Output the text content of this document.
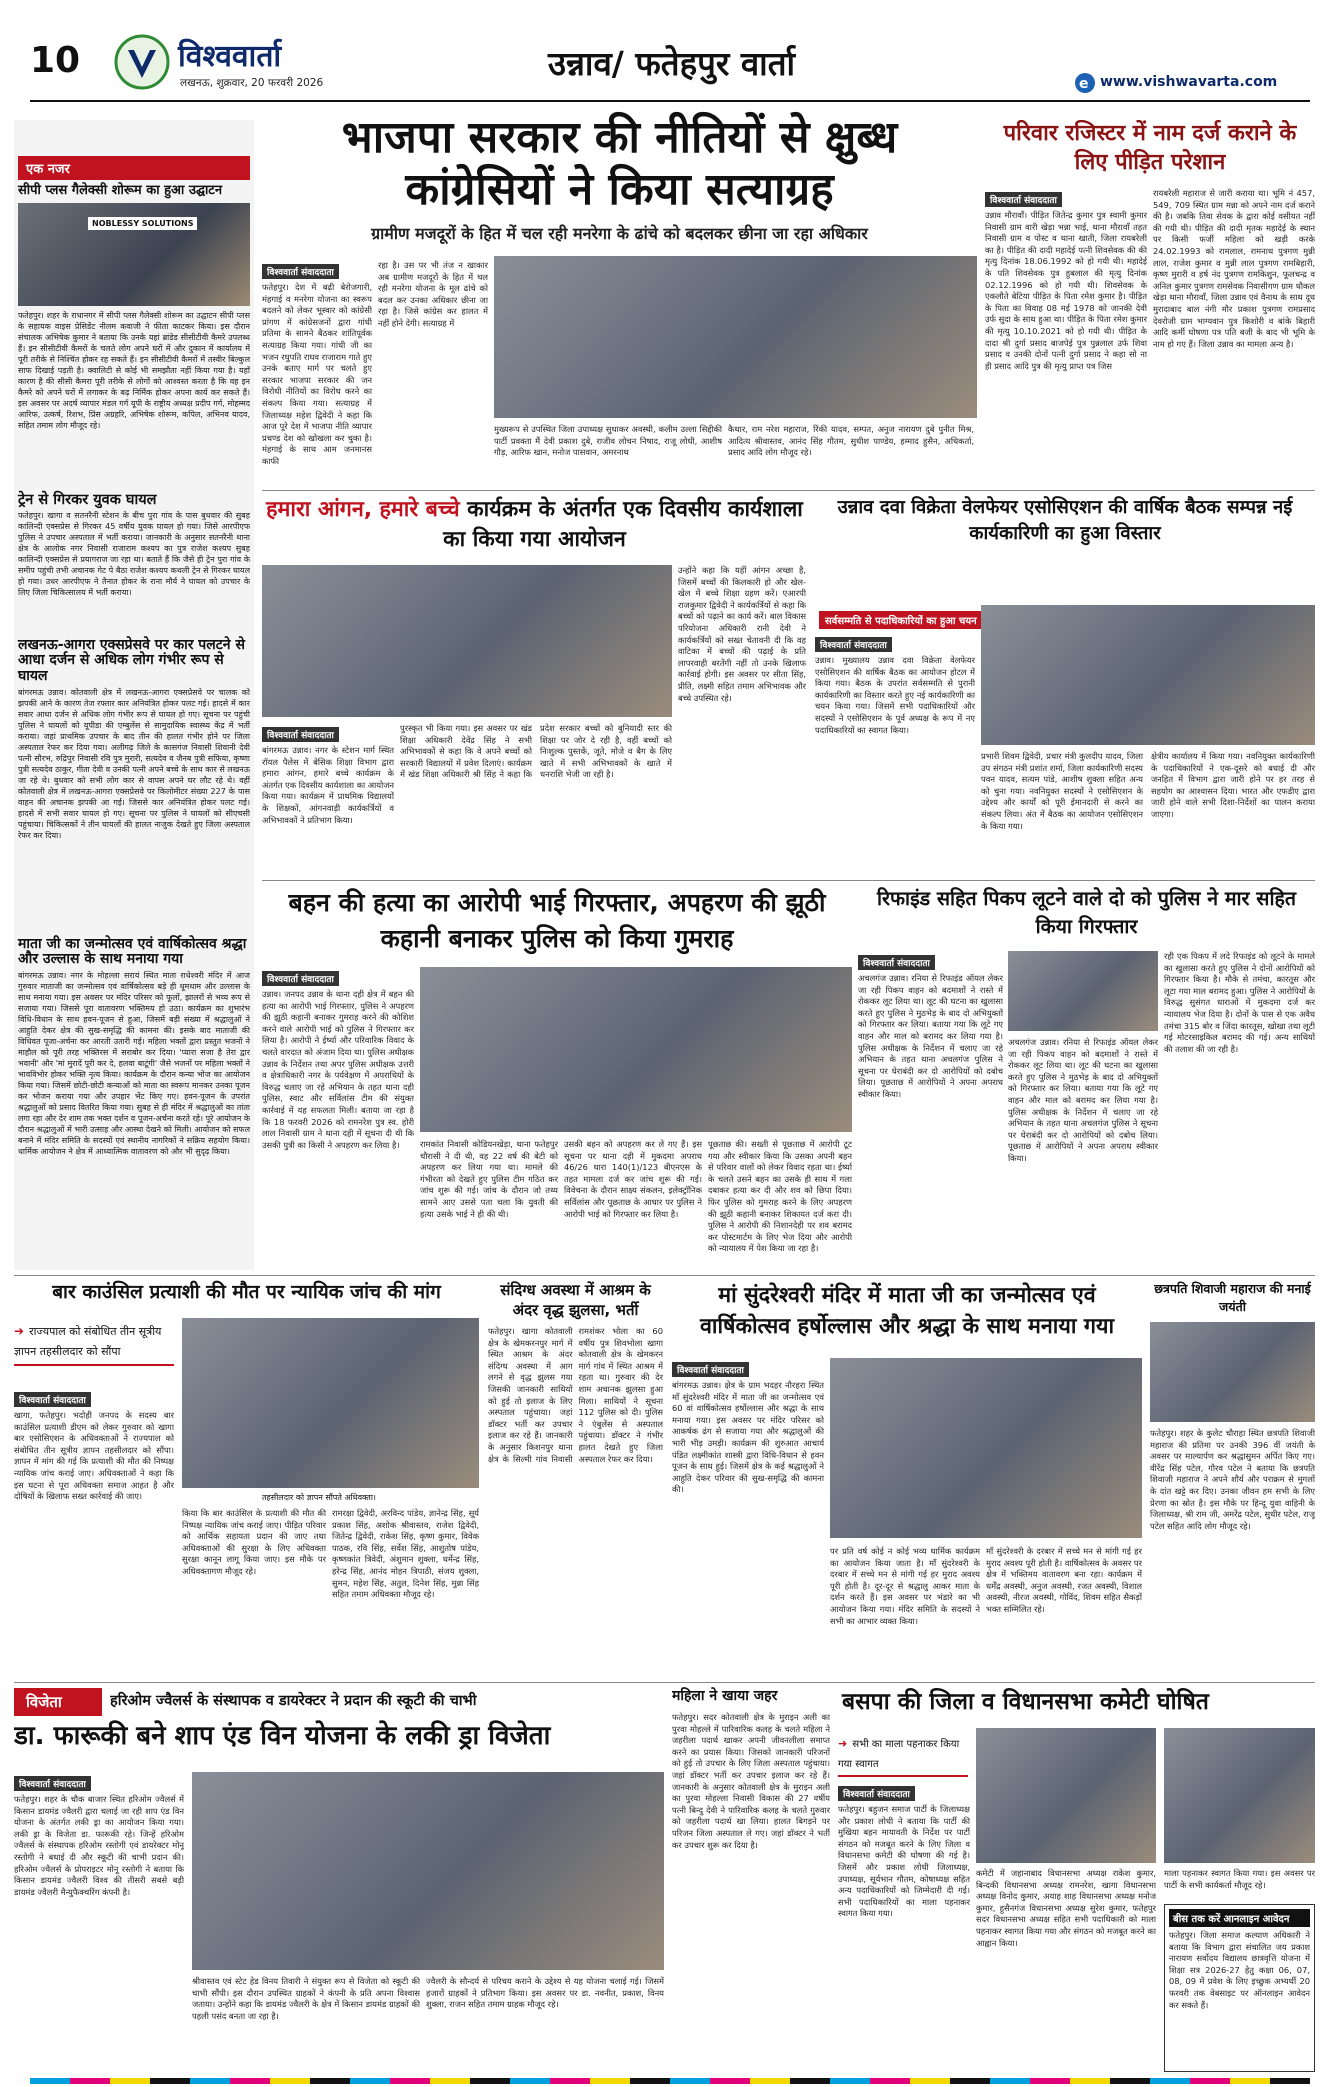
10	विश्ववार्ता
लखनऊ, शुक्रवार, 20 फरवरी 2026	उन्नाव/ फतेहपुर वार्ता
e www.vishwavarta.com
एक नजर
सीपी प्लस गैलेक्सी शोरूम का हुआ उद्घाटन
NOBLESSY SOLUTIONS
फतेहपुर। शहर के राधानगर में सीपी प्लस गैलेक्सी शोरूम का उद्घाटन सीपी प्लस के सहायक वाइस प्रेसिडेंट नीलम कवाजी ने फीता काटकर किया। इस दौरान संचालक अभिषेक कुमार ने बताया कि उनके यहां ब्रांडेड सीसीटीवी कैमरे उपलब्ध हैं। इन सीसीटीवी कैमरों के चलते लोग अपने घरों में और दुकान में कार्यालय में पूरी तरीके से निश्चिंत होकर रह सकते हैं। इन सीसीटीवी कैमरों में तस्वीर बिल्कुल साफ दिखाई पड़ती है। क्वालिटी से कोई भी समझौता नहीं किया गया है। यहाँ कारण है की सीसी कैमरा पूरी तरीके से लोगों को आश्वस्त करता है कि वह इन कैमरे को अपने घरों में लगाकर के बढ़ निर्मिक होकर अपना कार्य कर सकते हैं। इस अवसर पर अदर्ष व्यापार मंडल गर्ग यूपी के राष्ट्रीय अध्यक्ष प्रदीप गर्ग, मोहम्मद आरिफ, उत्कर्ष, रिशभ, प्रिंस अग्रहरि, अभिषेक शोरूम, कपिल, अभिनव यादव, सहित तमाम लोग मौजूद रहे।
ट्रेन से गिरकर युवक घायल
फतेहपुर। खागा व सतनरैनी स्टेशन के बीच पुरा गांव के पास बुधवार की सुबह कालिन्दी एक्सप्रेस से गिरकर 45 वर्षीय युवक घायल हो गया। जिसे आरपीएफ पुलिस ने उपचार अस्पताल में भर्ती कराया। जानकारी के अनुसार सतनरैनी थाना क्षेत्र के आलोक नगर निवासी राजाराम कश्यप का पुत्र राजेश कश्यप सुबह कालिन्दी एक्सप्रेस से प्रयागराज जा रहा था। बताते हैं कि जैसे ही ट्रेन पुरा गांव के समीप पहुंची तभी अचानक गेट पे बैठा राजेश कश्यप कथली ट्रेन से गिरकर घायल हो गया। उधर आरपीएफ ने तैनात होकर के राना मौर्य ने घायल को उपचार के लिए जिला चिकित्सालय में भर्ती कराया।
लखनऊ-आगरा एक्सप्रेसवे पर कार पलटने से आधा दर्जन से अधिक लोग गंभीर रूप से घायल
बांगरमऊ उन्नाव। कोतवाली क्षेत्र में लखनऊ-आगरा एक्सप्रेसवे पर चालक को झपकी आने के कारण तेज रफ्तार कार अनियंत्रित होकर पलट गई। हादसे में कार सवार आधा दर्जन से अधिक लोग गंभीर रूप से घायल हो गए। सूचना पर पहुंची पुलिस ने घायलों को यूपीडा की एम्बुलेंस से सामुदायिक स्वास्थ्य केंद्र में भर्ती कराया। जहां प्राथमिक उपचार के बाद तीन की हालत गंभीर होने पर जिला अस्पताल रेफर कर दिया गया। अलीगढ़ जिले के कासगंज निवासी शिवानी देवी पत्नी सौरभ, रुद्रिपुर निवासी रवि पुत्र मुरारी, सत्यदेव व जैनब पुत्री सफिया, कृष्णा पुत्री सत्यदेव ठाकुर, गीता देवी व उनकी पत्नी अपने बच्चे के साथ कार से लखनऊ जा रहे थे। बुधवार को सभी लोग कार से वापस अपने घर लौट रहे थे। वहीं कोतवाली क्षेत्र में लखनऊ-आगरा एक्सप्रेसवे पर किलोमीटर संख्या 227 के पास वाहन की अचानक झपकी आ गई। जिससे कार अनियंत्रित होकर पलट गई। हादसे में सभी सवार घायल हो गए। सूचना पर पुलिस ने घायलों को सीएचसी पहुंचाया। चिकित्सकों ने तीन घायलों की हालत नाजुक देखते हुए जिला अस्पताल रेफर कर दिया।
माता जी का जन्मोत्सव एवं वार्षिकोत्सव श्रद्धा और उल्लास के साथ मनाया गया
बांगरमऊ उन्नाव। नगर के मोहल्ला सरायं स्थित माता राधेश्वरी मंदिर में आज गुरुवार माताजी का जन्मोत्सव एवं वार्षिकोत्सव बड़े ही धूमधाम और उल्लास के साथ मनाया गया। इस अवसर पर मंदिर परिसर को फूलों, झालरों से भव्य रूप से सजाया गया। जिससे पूरा वातावरण भक्तिमय हो उठा। कार्यक्रम का शुभारंभ विधि-विधान के साथ हवन-पूजन से हुआ, जिसमें बड़ी संख्या में श्रद्धालुओं ने आहुति देकर क्षेत्र की सुख-समृद्धि की कामना की। इसके बाद माताजी की विधिवत पूजा-अर्चना कर आरती उतारी गई। महिला भक्तों द्वारा प्रस्तुत भजनों ने माहौल को पूरी तरह भक्तिरस में सराबोर कर दिया। 'प्यारा सजा है तेरा द्वार भवानी' और 'मां मुरादें पूरी कर दे, हलवा बाटूंगी' जैसे भजनों पर महिला भक्तों ने भावविभोर होकर भक्ति नृत्य किया। कार्यक्रम के दौरान कन्या भोज का आयोजन किया गया। जिसमें छोटी-छोटी कन्याओं को माता का स्वरूप मानकर उनका पूजन कर भोजन कराया गया और उपहार भेंट किए गए। हवन-पूजन के उपरांत श्रद्धालुओं को प्रसाद वितरित किया गया। सुबह से ही मंदिर में श्रद्धालुओं का तांता लगा रहा और देर शाम तक भक्त दर्शन व पूजन-अर्चना करते रहे। पूरे आयोजन के दौरान श्रद्धालुओं में भारी उत्साह और आस्था देखने को मिली। आयोजन को सफल बनाने में मंदिर समिति के सदस्यों एवं स्थानीय नागरिकों ने सक्रिय सहयोग किया। धार्मिक आयोजन ने क्षेत्र में आध्यात्मिक वातावरण को और भी सुदृढ़ किया।
भाजपा सरकार की नीतियों से क्षुब्ध कांग्रेसियों ने किया सत्याग्रह
ग्रामीण मजदूरों के हित में चल रही मनरेगा के ढांचे को बदलकर छीना जा रहा अधिकार
विश्ववार्ता संवाददाता
फतेहपुर। देश में बढ़ी बेरोजगारी, मंहगाई व मनरेगा योजना का स्वरूप बदलने को लेकर भूस्वार को कांग्रेसी प्रांगण में कांग्रेसजनों द्वारा गांधी प्रतिमा के सामने बैठकर शांतिपूर्वक सत्याग्रह किया गया। गांधी जी का भजन रघुपति राघव राजाराम गाते हुए उनके बताए मार्ग पर चलते हुए सरकार भाजपा सरकार की जन विरोधी नीतियों का विरोध करने का संकल्प किया गया। सत्याग्रह में जिलाध्यक्ष महेश द्विवेदी ने कहा कि आज पूरे देश में भाजपा नीति व्यापार प्रचण्ड देश को खोखला कर चुका है। मंहगाई के साथ आम जनमानस काफी
रहा है। उस पर भी तंज न खाकार अब ग्रामीण मजदूरों के हित में चल रही मनरेगा योजना के मूल ढांचे को बदल कर उनका अधिकार छीना जा रहा है। जिसे कांग्रेस कर हालत में नहीं होने देगी। सत्याग्रह में
मुख्यरूप से उपस्थित जिला उपाध्यक्ष सुधाकर अवस्थी, कलीम उल्ला सिद्दीकी पार्टी प्रवक्ता मैं देवी प्रकाश दुबे, राजीव लोचन निषाद, राजू लोधी, आशीष गौड़, आरिफ खान, मनोज पासवान, अमरनाथ
कैथार, राम नरेश महाराज, रिंकी यादव, सम्पत, अनुज नारायण दुबे पुनीत मिश्र, आदित्य श्रीवास्तव, आनंद सिंह गौतम, सुधीश पाण्डेय, हम्माद हुसैन, अधिकर्ता, प्रसाद आदि लोग मौजूद रहे।
परिवार रजिस्टर में नाम दर्ज कराने के लिए पीड़ित परेशान
विश्ववार्ता संवाददाता
उन्नाव मौरावाँ। पीड़ित जितेन्द्र कुमार पुत्र स्वामी कुमार निवासी ग्राम वारी खेड़ा भन्ना भाई, थाना मौरावाँ तहत निवासी ग्राम व पोस्ट व थाना खाती, जिला रायबरेली का है। पीड़ित की दादी महादेई पत्नी शिवसेवक की की मृत्यु दिनांक 18.06.1992 को हो गयी थी। महादेई के पति शिवसेवक पुत्र हुबलाल की मृत्यु दिनांक 02.12.1996 को हो गयी थी। शिवसेवक के एकलौते बेटिया पीड़ित के पिता रमेश कुमार है। पीड़ित के पिता का विवाह 08 मई 1978 को जानकी देवी उर्फ सुदा के साथ हुआ था। पीड़ित के पिता रमेश कुमार की मृत्यु 10.10.2021 को हो गयी थी। पीड़ित के दादा श्री दुर्गा प्रसाद बाजपेई पुत्र पुन्नलाल उर्फ शिवा प्रसाद व उनकी दोनों पत्नी दुर्गा प्रसाद ने कहा सो ना ही प्रसाद आदि पुत्र की मृत्यु प्राप्त पत्र जिस
रायबरेली महाराज से जारी कराया था। भूमि नं 457, 549, 709 स्थित ग्राम मन्ना को अपने नाम दर्ज कराने की है। जबकि तिवा सेवक के द्वारा कोई वसीयत नहीं की गयी थी। पीड़ित की दादी मृतक महादेई के स्थान पर किसी फर्जी महिला को खड़ी करके 24.02.1993 को रामलाल, रामनाथ पुत्रगण मुन्नी लाल, राजेश कुमार व मुन्नी लाल पुत्रगण रामबिहारी, कृष्ण मुरारी व हर्ष नंद पुत्रगण रामकिशुन, फूलचन्द्र व अनिल कुमार पुत्रगण रामसेवक निवासीगण ग्राम धौकल खेड़ा थाना मौरावाँ, जिला उन्नाव एवं वैनाथ के साथ दूध मुरादाबाद बाल नंगी मौर प्रकाश पुत्रगण रामप्रसाद देवरोजी ग्राम भाग्यवान पुत्र किशोरी व बांके बिहारी आदि कर्मी घोषणा पत्र पति बजी के बाद भी भूमि के नाम हो गए हैं। जिला उन्नाव का मामला अन्य है।
हमारा आंगन, हमारे बच्चे कार्यक्रम के अंतर्गत एक दिवसीय कार्यशाला का किया गया आयोजन
विश्ववार्ता संवाददाता
बांगरमऊ उन्नाव। नगर के स्टेशन मार्ग स्थित रॉयल पैलेस में बेसिक शिक्षा विभाग द्वारा हमारा आंगन, हमारे बच्चे कार्यक्रम के अंतर्गत एक दिवसीय कार्यशाला का आयोजन किया गया। कार्यक्रम में प्राथमिक विद्यालयों के शिक्षकों, आंगनवाड़ी कार्यकर्त्रियों व अभिभावकों ने प्रतिभाग किया।
पुरस्कृत भी किया गया। इस अवसर पर खंड शिक्षा अधिकारी देवेंद्र सिंह ने सभी अभिभावकों से कहा कि वे अपने बच्चों को सरकारी विद्यालयों में प्रवेश दिलाएं। कार्यक्रम में खंड शिक्षा अधिकारी श्री सिंह ने कहा कि प्रदेश सरकार बच्चों को बुनियादी स्तर की शिक्षा पर जोर दे रही है, वहीं बच्चों को निःशुल्क पुस्तकें, जूते, मोजे व बैग के लिए खाते में सभी अभिभावकों के खाते में धनराशि भेजी जा रही है।
उन्होंने कहा कि यहीं आंगन अच्छा है, जिसमें बच्चों की किलकारी हो और खेल-खेल में बच्चे शिक्षा ग्रहण करें। एआरपी राजकुमार द्विवेदी ने कार्यकर्त्रियों से कहा कि बच्चों को पढ़ाने का कार्य करें। बाल विकास परियोजना अधिकारी रानी देवी ने कार्यकर्त्रियों को सख्त चेतावनी दी कि वह वाटिका में बच्चों की पढ़ाई के प्रति लापरवाही बरतेंगी नहीं तो उनके खिलाफ कार्रवाई होगी। इस अवसर पर सीता सिंह, प्रीति, लक्ष्मी सहित तमाम अभिभावक और बच्चे उपस्थित रहे।
उन्नाव दवा विक्रेता वेलफेयर एसोसिएशन की वार्षिक बैठक सम्पन्न नई कार्यकारिणी का हुआ विस्तार
सर्वसम्मति से पदाधिकारियों का हुआ चयन
विश्ववार्ता संवाददाता
उन्नाव। मुख्यालय उन्नाव दवा विक्रेता वेलफेयर एसोसिएशन की वार्षिक बैठक का आयोजन होटल में किया गया। बैठक के उपरांत सर्वसम्मति से पुरानी कार्यकारिणी का विस्तार करते हुए नई कार्यकारिणी का चयन किया गया। जिसमें सभी पदाधिकारियों और सदस्यों ने एसोसिएशन के पूर्व अध्यक्ष के रूप में नए पदाधिकारियों का स्वागत किया।
प्रभारी शिवम द्विवेदी, प्रचार मंत्री कुलदीप यादव, जिला उप संगठन मंत्री प्रशांत शर्मा, जिला कार्यकारिणी सदस्य पवन यादव, सत्यम पांडे, आशीष शुक्ला सहित अन्य को चुना गया। नवनियुक्त सदस्यों ने एसोसिएशन के उद्देश्य और कार्यों को पूरी ईमानदारी से करने का संकल्प लिया। अंत में बैठक का आयोजन एसोसिएशन के किया गया।
क्षेत्रीय कार्यालय में किया गया। नवनियुक्त कार्यकारिणी के पदाधिकारियों ने एक-दूसरे को बधाई दी और जनहित में विभाग द्वारा जारी होने पर हर तरह से सहयोग का आश्वासन दिया। भारत और एफडीए द्वारा जारी होने वाले सभी दिशा-निर्देशों का पालन कराया जाएगा।
बहन की हत्या का आरोपी भाई गिरफ्तार, अपहरण की झूठी कहानी बनाकर पुलिस को किया गुमराह
विश्ववार्ता संवाददाता
उन्नाव। जनपद उन्नाव के थाना दही क्षेत्र में बहन की हत्या का आरोपी भाई गिरफ्तार, पुलिस ने अपहरण की झूठी कहानी बनाकर गुमराह करने की कोशिश करने वाले आरोपी भाई को पुलिस ने गिरफ्तार कर लिया है। आरोपी ने ईर्ष्या और परिवारिक विवाद के चलते वारदात को अंजाम दिया था। पुलिस अधीक्षक उन्नाव के निर्देशन तथा अपर पुलिस अधीक्षक उत्तरी व क्षेत्राधिकारी नगर के पर्यवेक्षण में अपराधियों के विरुद्ध चलाए जा रहे अभियान के तहत थाना दही पुलिस, स्वाट और सर्विलांस टीम की संयुक्त कार्रवाई में यह सफलता मिली। बताया जा रहा है कि 18 फरवरी 2026 को रामनरेश पुत्र स्व. होरी लाल निवासी ग्राम ने थाना दही में सूचना दी थी कि उसकी पुत्री का किसी ने अपहरण कर लिया है।	रामकांत निवासी कोडियनखेड़ा, थाना फतेहपुर चौरासी ने दी थी, वह 22 वर्ष की बेटी को अपहरण कर लिया गया था। मामले की गंभीरता को देखते हुए पुलिस टीम गठित कर जांच शुरू की गई। जांच के दौरान जो तथ्य सामने आए उससे पता चला कि युवती की हत्या उसके भाई ने ही की थी।
उसकी बहन को अपहरण कर ले गए हैं। इस सूचना पर थाना दही में मुकदमा अपराध 46/26 धारा 140(1)/123 बीएनएस के तहत मामला दर्ज कर जांच शुरू की गई। विवेचना के दौरान साक्ष्य संकलन, इलेक्ट्रॉनिक सर्विलांस और पूछताछ के आधार पर पुलिस ने आरोपी भाई को गिरफ्तार कर लिया है।
पूछताछ की। सख्ती से पूछताछ में आरोपी टूट गया और स्वीकार किया कि उसका अपनी बहन से परिवार वालों को लेकर विवाद रहता था। ईर्ष्या के चलते उसने बहन का उसके ही साथ में गला दबाकर हत्या कर दी और शव को छिपा दिया। फिर पुलिस को गुमराह करने के लिए अपहरण की झूठी कहानी बनाकर शिकायत दर्ज करा दी। पुलिस ने आरोपी की निशानदेही पर शव बरामद कर पोस्टमार्टम के लिए भेज दिया और आरोपी को न्यायालय में पेश किया जा रहा है।
रिफाइंड सहित पिकप लूटने वाले दो को पुलिस ने मार सहित किया गिरफ्तार
विश्ववार्ता संवाददाता
अचलगंज उन्नाव। रनिया से रिफाइंड ऑयल लेकर जा रही पिकप वाहन को बदमाशों ने रास्ते में रोककर लूट लिया था। लूट की घटना का खुलासा करते हुए पुलिस ने मुठभेड़ के बाद दो अभियुक्तों को गिरफ्तार कर लिया। बताया गया कि लूटे गए वाहन और माल को बरामद कर लिया गया है। पुलिस अधीक्षक के निर्देशन में चलाए जा रहे अभियान के तहत थाना अचलगंज पुलिस ने सूचना पर घेराबंदी कर दो आरोपियों को दबोच लिया। पूछताछ में आरोपियों ने अपना अपराध स्वीकार किया।
रही एक पिकप में लदे रिफाइंड को लूटने के मामले का खुलासा करते हुए पुलिस ने दोनों आरोपियों को गिरफ्तार किया है। मौके से तमंचा, कारतूस और लूटा गया माल बरामद हुआ। पुलिस ने आरोपियों के विरुद्ध सुसंगत धाराओं में मुकदमा दर्ज कर न्यायालय भेज दिया है। दोनों के पास से एक अवैध तमंचा 315 बोर व जिंदा कारतूस, खोखा तथा लूटी गई मोटरसाइकिल बरामद की गई। अन्य साथियों की तलाश की जा रही है।
अचलगंज उन्नाव। रनिया से रिफाइंड ऑयल लेकर जा रही पिकप वाहन को बदमाशों ने रास्ते में रोककर लूट लिया था। लूट की घटना का खुलासा करते हुए पुलिस ने मुठभेड़ के बाद दो अभियुक्तों को गिरफ्तार कर लिया। बताया गया कि लूटे गए वाहन और माल को बरामद कर लिया गया है। पुलिस अधीक्षक के निर्देशन में चलाए जा रहे अभियान के तहत थाना अचलगंज पुलिस ने सूचना पर घेराबंदी कर दो आरोपियों को दबोच लिया। पूछताछ में आरोपियों ने अपना अपराध स्वीकार किया।
बार काउंसिल प्रत्याशी की मौत पर न्यायिक जांच की मांग
➜ राज्यपाल को संबोधित तीन सूत्रीय ज्ञापन तहसीलदार को सौंपा
तहसीलदार को ज्ञापन सौंपते अधिवक्ता।
विश्ववार्ता संवाददाता
खागा, फतेहपुर। भदोही जनपद के सदस्य बार काउंसिल प्रत्याशी डीएम को लेकर गुरुवार को खागा बार एसोसिएशन के अधिवक्ताओं ने राज्यपाल को संबोधित तीन सूत्रीय ज्ञापन तहसीलदार को सौंपा। ज्ञापन में मांग की गई कि प्रत्याशी की मौत की निष्पक्ष न्यायिक जांच कराई जाए। अधिवक्ताओं ने कहा कि इस घटना से पूरा अधिवक्ता समाज आहत है और दोषियों के खिलाफ सख्त कार्रवाई की जाए।
किया कि बार काउंसिल के प्रत्याशी की मौत की निष्पक्ष न्यायिक जांच कराई जाए। पीड़ित परिवार को आर्थिक सहायता प्रदान की जाए तथा अधिवक्ताओं की सुरक्षा के लिए अधिवक्ता सुरक्षा कानून लागू किया जाए। इस मौके पर अधिवक्तागण मौजूद रहे।
रामरक्षा द्विवेदी, अरविन्द पांडेय, ज्ञानेन्द्र सिंह, सूर्य प्रकाश सिंह, अशोक श्रीवास्तव, राजेश द्विवेदी, जितेन्द्र द्विवेदी, राकेश सिंह, कृष्ण कुमार, विवेक पाठक, रवि सिंह, सर्वेश सिंह, आशुतोष पांडेय, कृष्णकांत त्रिवेदी, अंशुमान शुक्ला, धर्मेन्द्र सिंह, हरेन्द्र सिंह, आनंद मोहन त्रिपाठी, संजय शुक्ला, सुमन, महेश सिंह, अतुल, दिनेश सिंह, मुन्ना सिंह सहित तमाम अधिवक्ता मौजूद रहे।
संदिग्ध अवस्था में आश्रम के अंदर वृद्ध झुलसा, भर्ती
फतेहपुर। खागा कोतवाली क्षेत्र के खेमकरनपुर मार्ग में स्थित आश्रम के अंदर संदिग्ध अवस्था में आग लगने से वृद्ध झुलस गया जिसकी जानकारी साथियों को हुई तो इलाज के लिए अस्पताल पहुंचाया। जहां डॉक्टर भर्ती कर उपचार इलाज कर रहे हैं। जानकारी के अनुसार किशनपुर थाना क्षेत्र के सिल्मी गांव निवासी रामशंकर भोला का 60 वर्षीय पुत्र शिवभोला खागा कोतवाली क्षेत्र के खेमकरन मार्ग गांव में स्थित आश्रम में रहता था। गुरुवार की देर शाम अचानक झुलसा हुआ मिला। साथियों ने सूचना 112 पुलिस को दी। पुलिस ने एंबुलेंस से अस्पताल पहुंचाया। डॉक्टर ने गंभीर हालत देखते हुए जिला अस्पताल रेफर कर दिया।
मां सुंदरेश्वरी मंदिर में माता जी का जन्मोत्सव एवं वार्षिकोत्सव हर्षोल्लास और श्रद्धा के साथ मनाया गया
विश्ववार्ता संवाददाता
बांगरमऊ उन्नाव। क्षेत्र के ग्राम भदहर नौरहरा स्थित माँ सुंदरेश्वरी मंदिर में माता जी का जन्मोत्सव एवं 60 वां वार्षिकोत्सव हर्षोल्लास और श्रद्धा के साथ मनाया गया। इस अवसर पर मंदिर परिसर को आकर्षक ढंग से सजाया गया और श्रद्धालुओं की भारी भीड़ उमड़ी। कार्यक्रम की शुरुआत आचार्य पंडित लक्ष्मीकांत शास्त्री द्वारा विधि-विधान से हवन पूजन के साथ हुई। जिसमें क्षेत्र के कई श्रद्धालुओं ने आहुति देकर परिवार की सुख-समृद्धि की कामना की।
पर प्रति वर्ष कोई न कोई भव्य धार्मिक कार्यक्रम का आयोजन किया जाता है। माँ सुंदरेश्वरी के दरबार में सच्चे मन से मांगी गई हर मुराद अवश्य पूरी होती है। दूर-दूर से श्रद्धालु आकर माता के दर्शन करते हैं। इस अवसर पर भंडारे का भी आयोजन किया गया। मंदिर समिति के सदस्यों ने सभी का आभार व्यक्त किया।
माँ सुंदरेश्वरी के दरबार में सच्चे मन से मांगी गई हर मुराद अवश्य पूरी होती है। वार्षिकोत्सव के अवसर पर क्षेत्र में भक्तिमय वातावरण बना रहा। कार्यक्रम में धर्मेंद्र अवस्थी, अनुज अवस्थी, रजत अवस्थी, विशाल अवस्थी, नीरज अवस्थी, गोविंद, शिवम सहित सैकड़ों भक्त सम्मिलित रहे।
छत्रपति शिवाजी महाराज की मनाई जयंती
फतेहपुर। शहर के कुलेट चौराहा स्थित छत्रपति शिवाजी महाराज की प्रतिमा पर उनकी 396 वीं जयंती के अवसर पर माल्यार्पण कर श्रद्धासुमन अर्पित किए गए। वीरेंद्र सिंह पटेल, गौरव पटेल ने बताया कि छत्रपति शिवाजी महाराज ने अपने शौर्य और पराक्रम से मुगलों के दांत खट्टे कर दिए। उनका जीवन हम सभी के लिए प्रेरणा का स्रोत है। इस मौके पर हिन्दू युवा वाहिनी के जिलाध्यक्ष, श्री राम जी, अमरेंद्र पटेल, सुधीर पटेल, राजू पटेल सहित आदि लोग मौजूद रहे।
विजेता	हरिओम ज्वैलर्स के संस्थापक व डायरेक्टर ने प्रदान की स्कूटी की चाभी
डा. फारूकी बने शाप एंड विन योजना के लकी ड्रा विजेता
विश्ववार्ता संवाददाता
फतेहपुर। शहर के चौक बाजार स्थित हरिओम ज्वैलर्स में किसान डायमंड ज्वैलरी द्वारा चलाई जा रही शाप एंड विन योजना के अंतर्गत लकी ड्रा का आयोजन किया गया। लकी ड्रा के विजेता डा. फारूकी रहे। जिन्हें हरिओम ज्वैलर्स के संस्थापक हरिओम रस्तोगी एवं डायरेक्टर मोनू रस्तोगी ने बधाई दी और स्कूटी की चाभी प्रदान की। हरिओम ज्वैलर्स के प्रोपराइटर मोनू रस्तोगी ने बताया कि किसान डायमंड ज्वैलरी विश्व की तीसरी सबसे बड़ी डायमंड ज्वैलरी मैन्युफैक्चरिंग कंपनी है।
श्रीवास्तव एवं स्टेट हेड विनय तिवारी ने संयुक्त रूप से विजेता को स्कूटी की चाभी सौंपी। इस दौरान उपस्थित ग्राहकों ने कंपनी के प्रति अपना विश्वास जताया। उन्होंने कहा कि डायमंड ज्वैलरी के क्षेत्र में किसान डायमंड ग्राहकों की पहली पसंद बनता जा रहा है।
ज्वैलरी के सौन्दर्य से परिचय कराने के उद्देश्य से यह योजना चलाई गई। जिसमें हजारों ग्राहकों ने प्रतिभाग किया। इस अवसर पर डा. नवनीत, प्रकाश, विनय शुक्ला, राजन सहित तमाम ग्राहक मौजूद रहे।
महिला ने खाया जहर
फतेहपुर। सदर कोतवाली क्षेत्र के मुराइन अली का पुरवा मोहल्ले में पारिवारिक कलह के चलते महिला ने जहरीला पदार्थ खाकर अपनी जीवनलीला समाप्त करने का प्रयास किया। जिसको जानकारी परिजनों को हुई तो उपचार के लिए जिला अस्पताल पहुंचाया। जहां डॉक्टर भर्ती कर उपचार इलाज कर रहे हैं। जानकारी के अनुसार कोतवाली क्षेत्र के मुराइन अली का पुरवा मोहल्ला निवासी विकास की 27 वर्षीय पत्नी बिन्दु देवी ने पारिवारिक कलह के चलते गुरुवार को जहरीला पदार्थ खा लिया। हालत बिगड़ने पर परिजन जिला अस्पताल ले गए। जहां डॉक्टर ने भर्ती कर उपचार शुरू कर दिया है।
बसपा की जिला व विधानसभा कमेटी घोषित
➜ सभी का माला पहनाकर किया गया स्वागत
विश्ववार्ता संवाददाता
फतेहपुर। बहुजन समाज पार्टी के जिलाध्यक्ष और प्रकाश लोधी ने बताया कि पार्टी की मुखिया बहन मायावती के निर्देश पर पार्टी संगठन को मजबूत करने के लिए जिला व विधानसभा कमेटी की घोषणा की गई है। जिसमें और प्रकाश लोधी जिलाध्यक्ष, उपाध्यक्ष, सूर्यभान गौतम, कोषाध्यक्ष सहित अन्य पदाधिकारियों को जिम्मेदारी दी गई। सभी पदाधिकारियों का माला पहनाकर स्वागत किया गया।
कमेटी में जहानाबाद विधानसभा अध्यक्ष राकेश कुमार, बिन्दकी विधानसभा अध्यक्ष रामनरेश, खागा विधानसभा अध्यक्ष विनोद कुमार, अयाह शाह विधानसभा अध्यक्ष मनोज कुमार, हुसैनगंज विधानसभा अध्यक्ष सुरेश कुमार, फतेहपुर सदर विधानसभा अध्यक्ष सहित सभी पदाधिकारी को माला पहनाकर स्वागत किया गया और संगठन को मजबूत करने का आह्वान किया।
माला पहनाकर स्वागत किया गया। इस अवसर पर पार्टी के सभी कार्यकर्ता मौजूद रहे।
बीस तक करें आनलाइन आवेदन
फतेहपुर। जिला समाज कल्याण अधिकारी ने बताया कि विभाग द्वारा संचालित जय प्रकाश नारायण सर्वोदय विद्यालय छात्रवृत्ति योजना में शिक्षा सत्र 2026-27 हेतु कक्षा 06, 07, 08, 09 में प्रवेश के लिए इच्छुक अभ्यर्थी 20 फरवरी तक वेबसाइट पर ऑनलाइन आवेदन कर सकते हैं।
